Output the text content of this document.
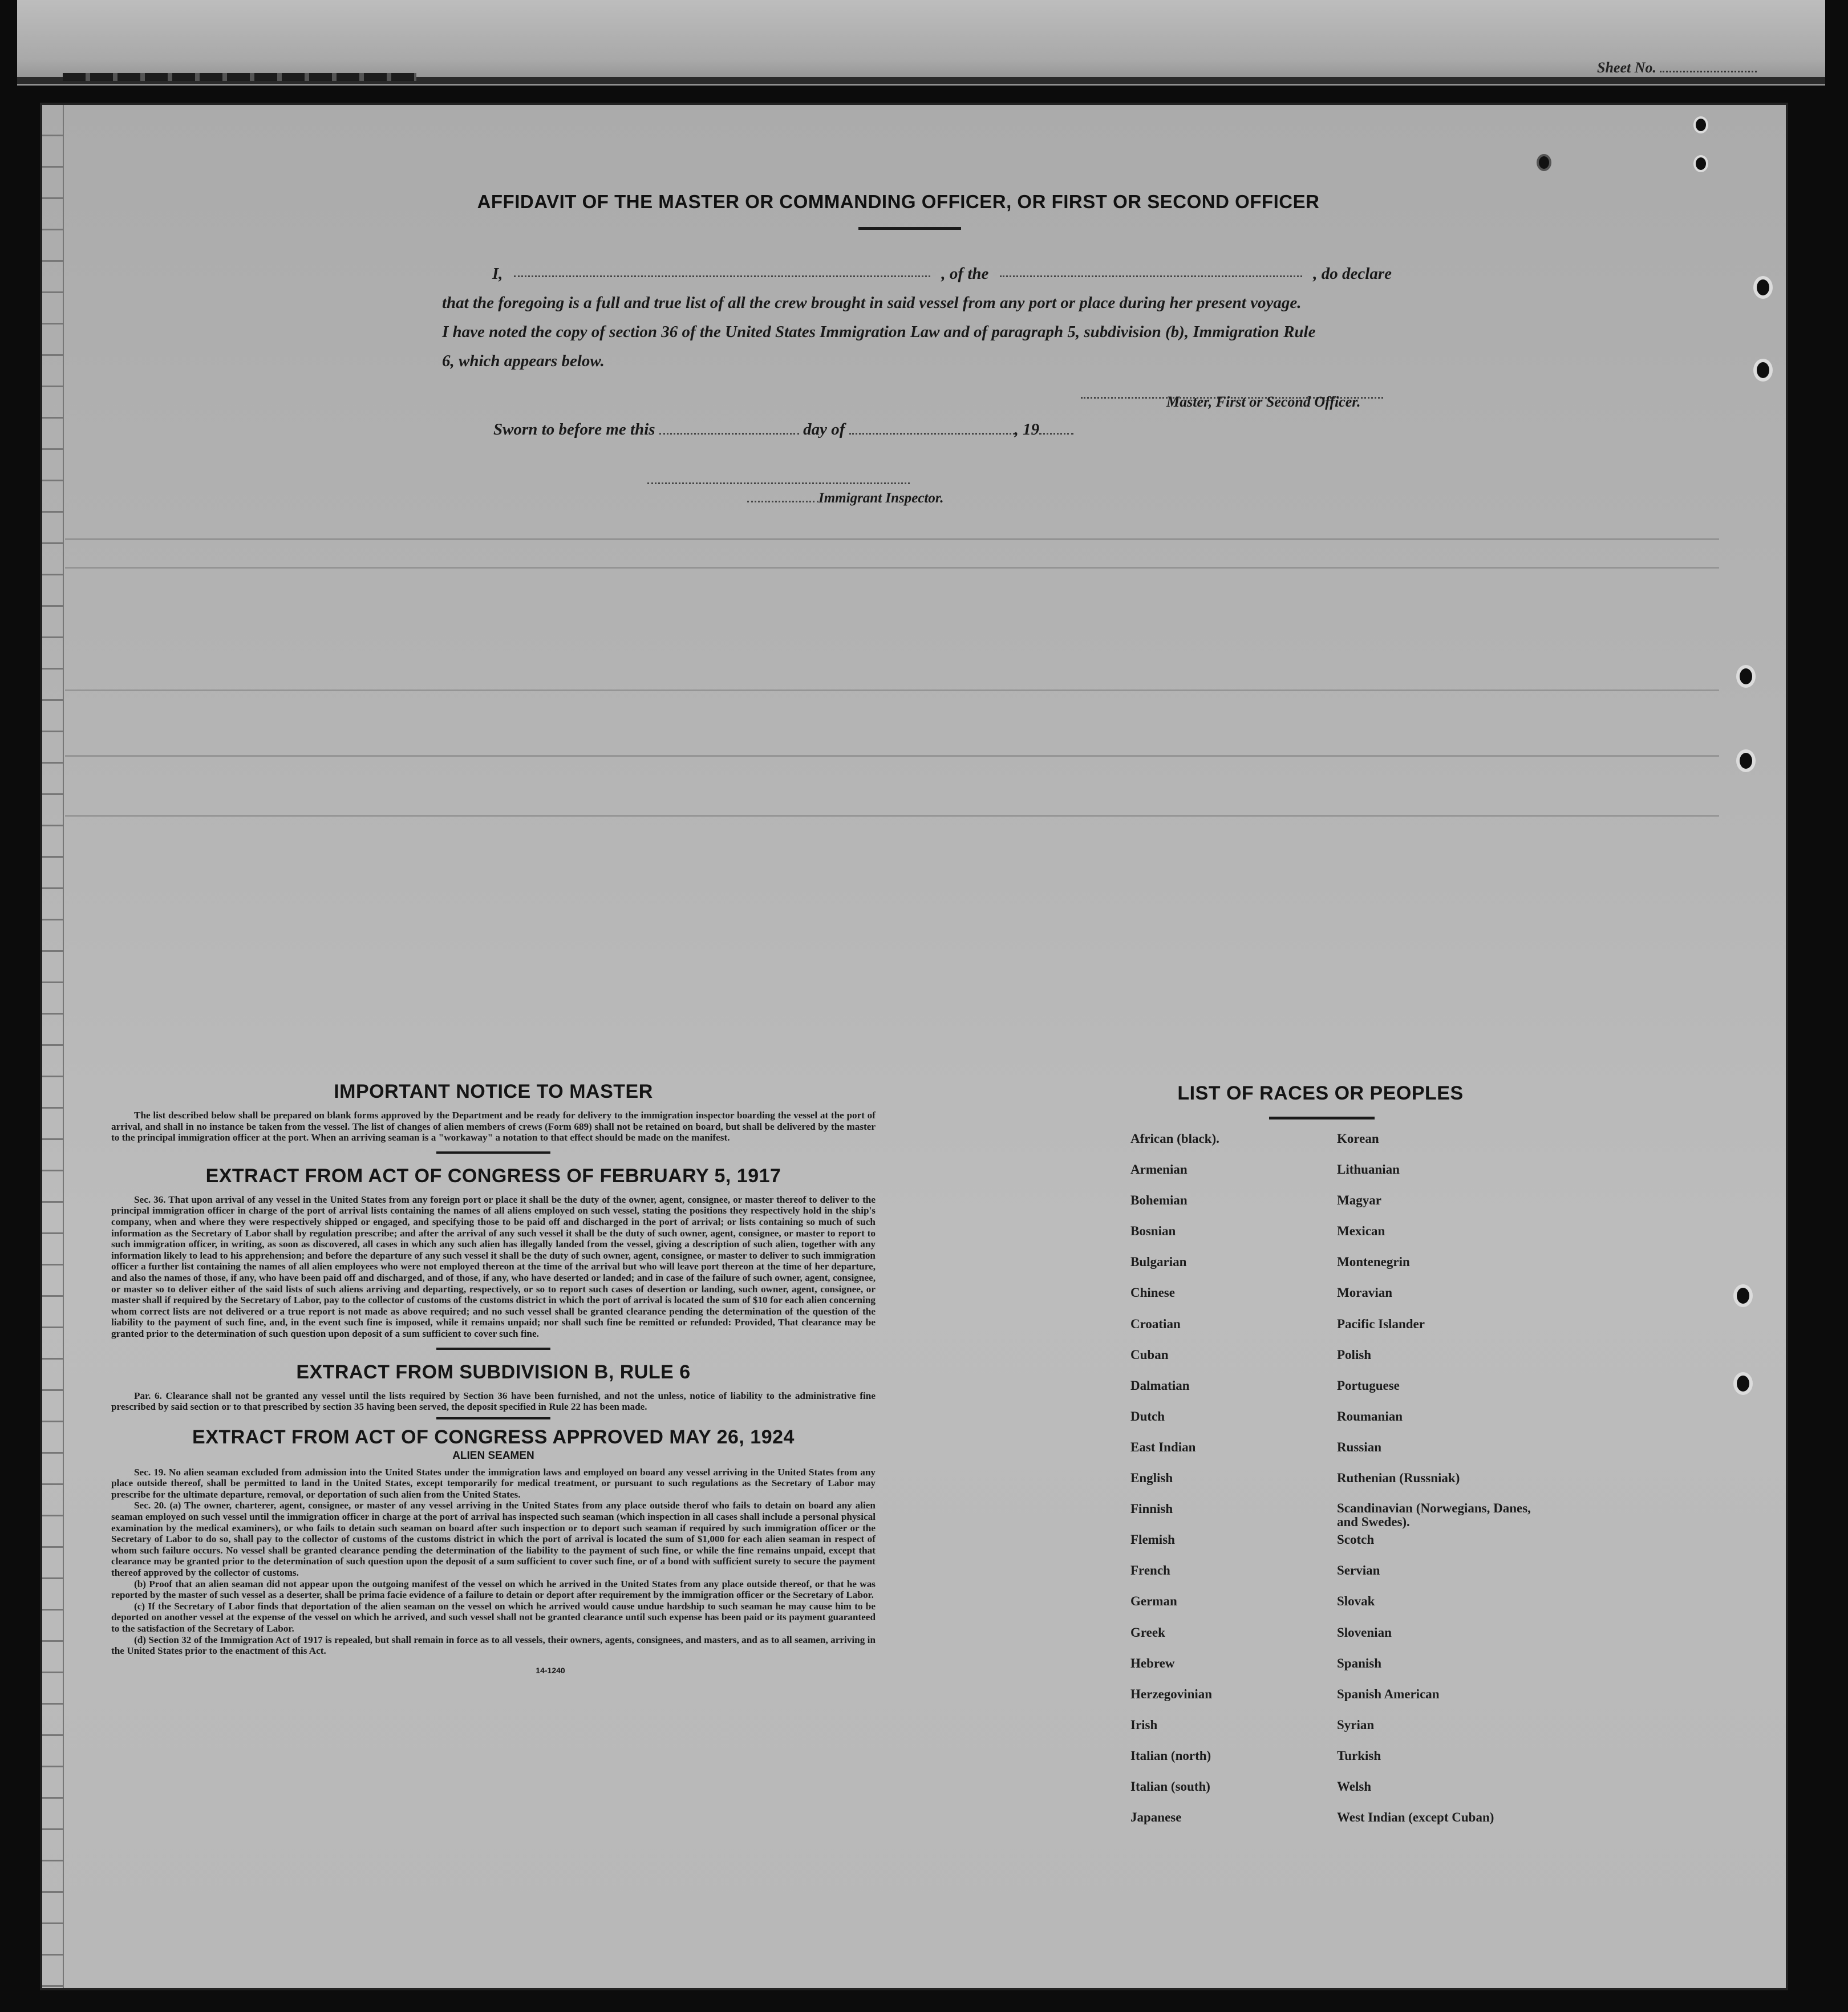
Sheet No.
AFFIDAVIT OF THE MASTER OR COMMANDING OFFICER, OR FIRST OR SECOND OFFICER
I,	, of the	, do declare
that the foregoing is a full and true list of all the crew brought in said vessel from any port or place during her present voyage.
I have noted the copy of section 36 of the United States Immigration Law and of paragraph 5, subdivision (b), Immigration Rule
6, which appears below.
Master, First or Second Officer.
Sworn to before me this	day of	, 19
Immigrant Inspector.
IMPORTANT NOTICE TO MASTER

The list described below shall be prepared on blank forms approved by the Department and be ready for delivery to the immigration inspector boarding the vessel at the port of arrival, and shall in no instance be taken from the vessel. The list of changes of alien members of crews (Form 689) shall not be retained on board, but shall be delivered by the master to the principal immigration officer at the port. When an arriving seaman is a "workaway" a notation to that effect should be made on the manifest.

EXTRACT FROM ACT OF CONGRESS OF FEBRUARY 5, 1917

Sec. 36. That upon arrival of any vessel in the United States from any foreign port or place it shall be the duty of the owner, agent, consignee, or master thereof to deliver to the principal immigration officer in charge of the port of arrival lists containing the names of all aliens employed on such vessel, stating the positions they respectively hold in the ship's company, when and where they were respectively shipped or engaged, and specifying those to be paid off and discharged in the port of arrival; or lists containing so much of such information as the Secretary of Labor shall by regulation prescribe; and after the arrival of any such vessel it shall be the duty of such owner, agent, consignee, or master to report to such immigration officer, in writing, as soon as discovered, all cases in which any such alien has illegally landed from the vessel, giving a description of such alien, together with any information likely to lead to his apprehension; and before the departure of any such vessel it shall be the duty of such owner, agent, consignee, or master to deliver to such immigration officer a further list containing the names of all alien employees who were not employed thereon at the time of the arrival but who will leave port thereon at the time of her departure, and also the names of those, if any, who have been paid off and discharged, and of those, if any, who have deserted or landed; and in case of the failure of such owner, agent, consignee, or master so to deliver either of the said lists of such aliens arriving and departing, respectively, or so to report such cases of desertion or landing, such owner, agent, consignee, or master shall if required by the Secretary of Labor, pay to the collector of customs of the customs district in which the port of arrival is located the sum of $10 for each alien concerning whom correct lists are not delivered or a true report is not made as above required; and no such vessel shall be granted clearance pending the determination of the question of the liability to the payment of such fine, and, in the event such fine is imposed, while it remains unpaid; nor shall such fine be remitted or refunded: Provided, That clearance may be granted prior to the determination of such question upon deposit of a sum sufficient to cover such fine.

EXTRACT FROM SUBDIVISION B, RULE 6

Par. 6. Clearance shall not be granted any vessel until the lists required by Section 36 have been furnished, and not the unless, notice of liability to the administrative fine prescribed by said section or to that prescribed by section 35 having been served, the deposit specified in Rule 22 has been made.

EXTRACT FROM ACT OF CONGRESS APPROVED MAY 26, 1924
ALIEN SEAMEN

Sec. 19. No alien seaman excluded from admission into the United States under the immigration laws and employed on board any vessel arriving in the United States from any place outside thereof, shall be permitted to land in the United States, except temporarily for medical treatment, or pursuant to such regulations as the Secretary of Labor may prescribe for the ultimate departure, removal, or deportation of such alien from the United States.

Sec. 20. (a) The owner, charterer, agent, consignee, or master of any vessel arriving in the United States from any place outside therof who fails to detain on board any alien seaman employed on such vessel until the immigration officer in charge at the port of arrival has inspected such seaman (which inspection in all cases shall include a personal physical examination by the medical examiners), or who fails to detain such seaman on board after such inspection or to deport such seaman if required by such immigration officer or the Secretary of Labor to do so, shall pay to the collector of customs of the customs district in which the port of arrival is located the sum of $1,000 for each alien seaman in respect of whom such failure occurs. No vessel shall be granted clearance pending the determination of the liability to the payment of such fine, or while the fine remains unpaid, except that clearance may be granted prior to the determination of such question upon the deposit of a sum sufficient to cover such fine, or of a bond with sufficient surety to secure the payment thereof approved by the collector of customs.

(b) Proof that an alien seaman did not appear upon the outgoing manifest of the vessel on which he arrived in the United States from any place outside thereof, or that he was reported by the master of such vessel as a deserter, shall be prima facie evidence of a failure to detain or deport after requirement by the immigration officer or the Secretary of Labor.

(c) If the Secretary of Labor finds that deportation of the alien seaman on the vessel on which he arrived would cause undue hardship to such seaman he may cause him to be deported on another vessel at the expense of the vessel on which he arrived, and such vessel shall not be granted clearance until such expense has been paid or its payment guaranteed to the satisfaction of the Secretary of Labor.

(d) Section 32 of the Immigration Act of 1917 is repealed, but shall remain in force as to all vessels, their owners, agents, consignees, and masters, and as to all seamen, arriving in the United States prior to the enactment of this Act.

14-1240
LIST OF RACES OR PEOPLES
African (black).	Korean
Armenian	Lithuanian
Bohemian	Magyar
Bosnian	Mexican
Bulgarian	Montenegrin
Chinese	Moravian
Croatian	Pacific Islander
Cuban	Polish
Dalmatian	Portuguese
Dutch	Roumanian
East Indian	Russian
English	Ruthenian (Russniak)
Finnish	Scandinavian (Norwegians, Danes, and Swedes).
Flemish	Scotch
French	Servian
German	Slovak
Greek	Slovenian
Hebrew	Spanish
Herzegovinian	Spanish American
Irish	Syrian
Italian (north)	Turkish
Italian (south)	Welsh
Japanese	West Indian (except Cuban)
